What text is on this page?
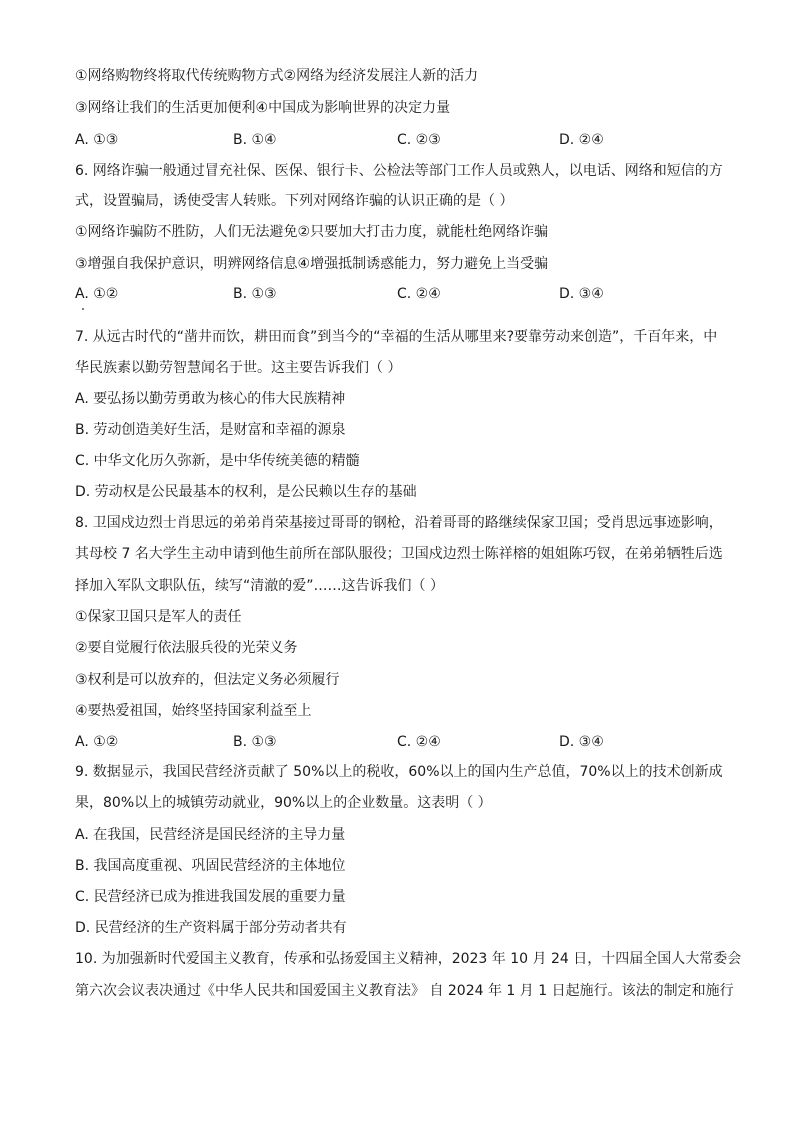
①网络购物终将取代传统购物方式②网络为经济发展注人新的活力
③网络让我们的生活更加便利④中国成为影响世界的决定力量
A. ①③	B. ①④	C. ②③	D. ②④
6. 网络诈骗一般通过冒充社保、医保、银行卡、公检法等部门工作人员或熟人，以电话、网络和短信的方
式，设置骗局，诱使受害人转账。下列对网络诈骗的认识正确的是（ ）
①网络诈骗防不胜防，人们无法避免②只要加大打击力度，就能杜绝网络诈骗
③增强自我保护意识，明辨网络信息④增强抵制诱惑能力，努力避免上当受骗
A. ①②	B. ①③	C. ②④	D. ③④
7. 从远古时代的“凿井而饮，耕田而食”到当今的“幸福的生活从哪里来?要靠劳动来创造”，千百年来，中
华民族素以勤劳智慧闻名于世。这主要告诉我们（ ）
A. 要弘扬以勤劳勇敢为核心的伟大民族精神
B. 劳动创造美好生活，是财富和幸福的源泉
C. 中华文化历久弥新，是中华传统美德的精髓
D. 劳动权是公民最基本的权利，是公民赖以生存的基础
8. 卫国戍边烈士肖思远的弟弟肖荣基接过哥哥的钢枪，沿着哥哥的路继续保家卫国；受肖思远事迹影响，
其母校 7 名大学生主动申请到他生前所在部队服役；卫国戍边烈士陈祥榕的姐姐陈巧钗，在弟弟牺牲后选
择加入军队文职队伍，续写“清澈的爱”……这告诉我们（ ）
①保家卫国只是军人的责任
②要自觉履行依法服兵役的光荣义务
③权利是可以放弃的，但法定义务必须履行
④要热爱祖国，始终坚持国家利益至上
A. ①②	B. ①③	C. ②④	D. ③④
9. 数据显示，我国民营经济贡献了 50%以上的税收，60%以上的国内生产总值，70%以上的技术创新成
果，80%以上的城镇劳动就业，90%以上的企业数量。这表明（ ）
A. 在我国，民营经济是国民经济的主导力量
B. 我国高度重视、巩固民营经济的主体地位
C. 民营经济已成为推进我国发展的重要力量
D. 民营经济的生产资料属于部分劳动者共有
10. 为加强新时代爱国主义教育，传承和弘扬爱国主义精神，2023 年 10 月 24 日，十四届全国人大常委会
第六次会议表决通过《中华人民共和国爱国主义教育法》 自 2024 年 1 月 1 日起施行。该法的制定和施行
